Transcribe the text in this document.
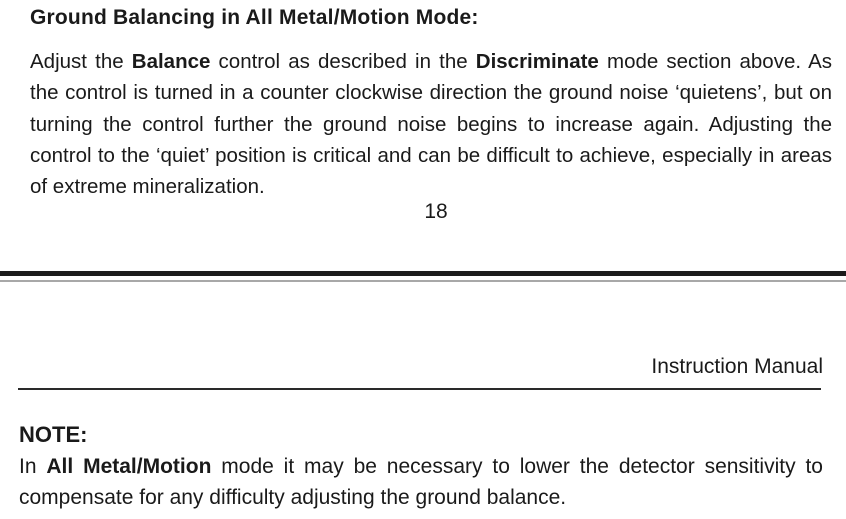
Ground Balancing in All Metal/Motion Mode:

Adjust the Balance control as described in the Discriminate mode section above. As the control is turned in a counter clockwise direction the ground noise ‘quietens’, but on turning the control further the ground noise begins to increase again. Adjusting the control to the ‘quiet’ position is critical and can be difficult to achieve, especially in areas of extreme mineralization.

18
Instruction Manual
NOTE:

In All Metal/Motion mode it may be necessary to lower the detector sensitivity to compensate for any difficulty adjusting the ground balance.
